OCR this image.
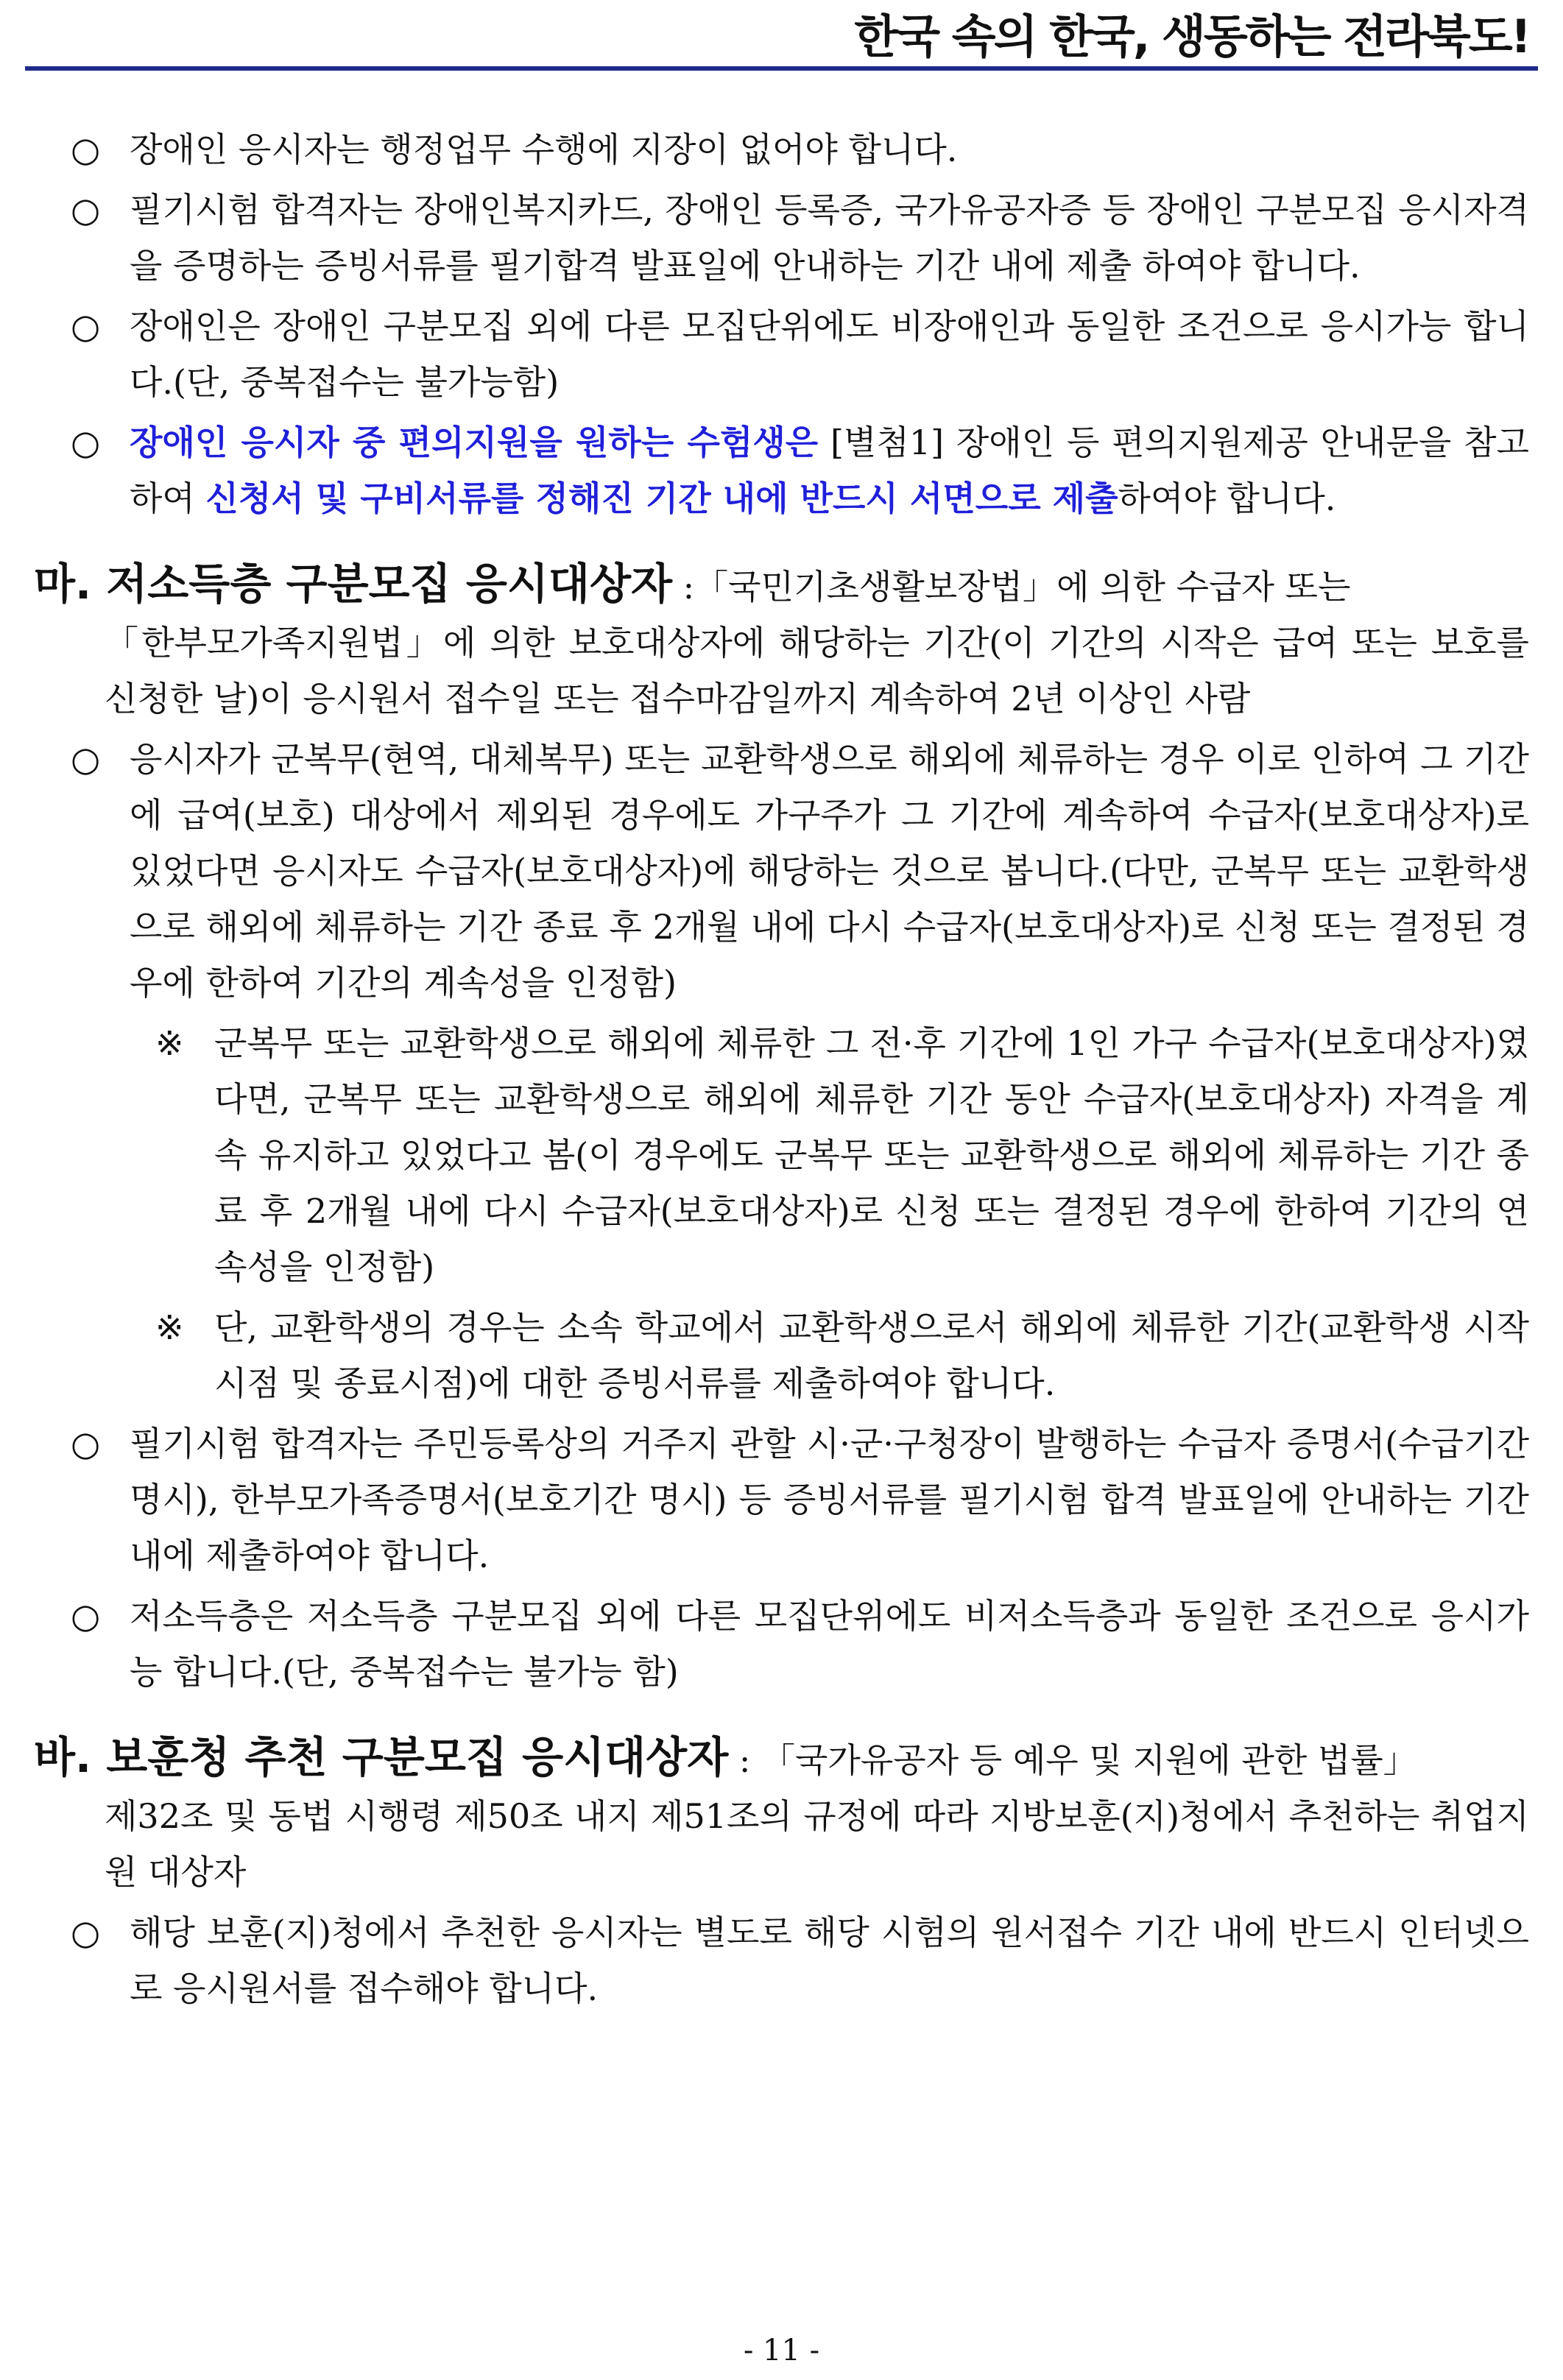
한국 속의 한국, 생동하는 전라북도!

○ 장애인 응시자는 행정업무 수행에 지장이 없어야 합니다.

○ 필기시험 합격자는 장애인복지카드, 장애인 등록증, 국가유공자증 등 장애인 구분모집 응시자격을 증명하는 증빙서류를 필기합격 발표일에 안내하는 기간 내에 제출 하여야 합니다.

○ 장애인은 장애인 구분모집 외에 다른 모집단위에도 비장애인과 동일한 조건으로 응시가능 합니다.(단, 중복접수는 불가능함)

○ 장애인 응시자 중 편의지원을 원하는 수험생은 [별첨1] 장애인 등 편의지원제공 안내문을 참고하여 신청서 및 구비서류를 정해진 기간 내에 반드시 서면으로 제출하여야 합니다.

마. 저소득층 구분모집 응시대상자 :「국민기초생활보장법」에 의한 수급자 또는

「한부모가족지원법」에 의한 보호대상자에 해당하는 기간(이 기간의 시작은 급여 또는 보호를 신청한 날)이 응시원서 접수일 또는 접수마감일까지 계속하여 2년 이상인 사람

○ 응시자가 군복무(현역, 대체복무) 또는 교환학생으로 해외에 체류하는 경우 이로 인하여 그 기간에 급여(보호) 대상에서 제외된 경우에도 가구주가 그 기간에 계속하여 수급자(보호대상자)로 있었다면 응시자도 수급자(보호대상자)에 해당하는 것으로 봅니다.(다만, 군복무 또는 교환학생으로 해외에 체류하는 기간 종료 후 2개월 내에 다시 수급자(보호대상자)로 신청 또는 결정된 경우에 한하여 기간의 계속성을 인정함)

※ 군복무 또는 교환학생으로 해외에 체류한 그 전·후 기간에 1인 가구 수급자(보호대상자)였다면, 군복무 또는 교환학생으로 해외에 체류한 기간 동안 수급자(보호대상자) 자격을 계속 유지하고 있었다고 봄(이 경우에도 군복무 또는 교환학생으로 해외에 체류하는 기간 종료 후 2개월 내에 다시 수급자(보호대상자)로 신청 또는 결정된 경우에 한하여 기간의 연속성을 인정함)

※ 단, 교환학생의 경우는 소속 학교에서 교환학생으로서 해외에 체류한 기간(교환학생 시작시점 및 종료시점)에 대한 증빙서류를 제출하여야 합니다.

○ 필기시험 합격자는 주민등록상의 거주지 관할 시·군·구청장이 발행하는 수급자 증명서(수급기간 명시), 한부모가족증명서(보호기간 명시) 등 증빙서류를 필기시험 합격 발표일에 안내하는 기간 내에 제출하여야 합니다.

○ 저소득층은 저소득층 구분모집 외에 다른 모집단위에도 비저소득층과 동일한 조건으로 응시가능 합니다.(단, 중복접수는 불가능 함)

바. 보훈청 추천 구분모집 응시대상자 : 「국가유공자 등 예우 및 지원에 관한 법률」

제32조 및 동법 시행령 제50조 내지 제51조의 규정에 따라 지방보훈(지)청에서 추천하는 취업지원 대상자

○ 해당 보훈(지)청에서 추천한 응시자는 별도로 해당 시험의 원서접수 기간 내에 반드시 인터넷으로 응시원서를 접수해야 합니다.

- 11 -
